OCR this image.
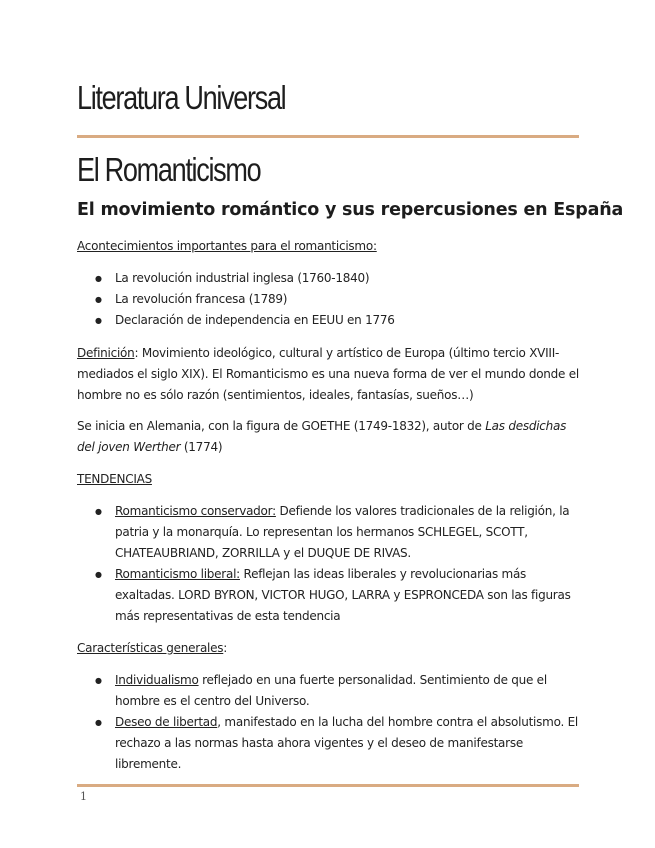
Literatura Universal
El Romanticismo
El movimiento romántico y sus repercusiones en España
Acontecimientos importantes para el romanticismo:
● La revolución industrial inglesa (1760-1840)
● La revolución francesa (1789)
● Declaración de independencia en EEUU en 1776
Definición: Movimiento ideológico, cultural y artístico de Europa (último tercio XVIII-mediados el siglo XIX). El Romanticismo es una nueva forma de ver el mundo donde el hombre no es sólo razón (sentimientos, ideales, fantasías, sueños…)
Se inicia en Alemania, con la figura de GOETHE (1749-1832), autor de Las desdichas del joven Werther (1774)
TENDENCIAS
● Romanticismo conservador: Defiende los valores tradicionales de la religión, la patria y la monarquía. Lo representan los hermanos SCHLEGEL, SCOTT, CHATEAUBRIAND, ZORRILLA y el DUQUE DE RIVAS.
● Romanticismo liberal: Reflejan las ideas liberales y revolucionarias más exaltadas. LORD BYRON, VICTOR HUGO, LARRA y ESPRONCEDA son las figuras más representativas de esta tendencia
Características generales:
● Individualismo reflejado en una fuerte personalidad. Sentimiento de que el hombre es el centro del Universo.
● Deseo de libertad, manifestado en la lucha del hombre contra el absolutismo. El rechazo a las normas hasta ahora vigentes y el deseo de manifestarse libremente.
1
